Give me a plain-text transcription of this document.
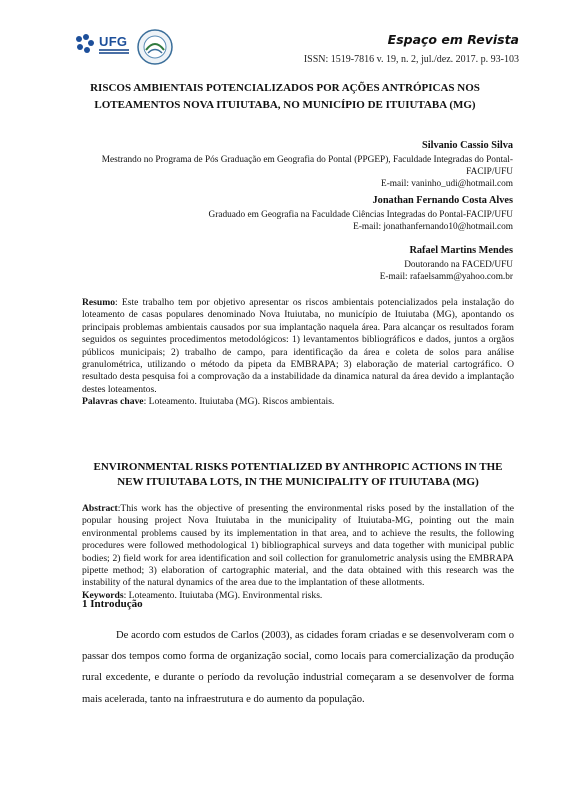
UFG	Espaço em Revista
ISSN: 1519-7816 v. 19, n. 2, jul./dez. 2017. p. 93-103
RISCOS AMBIENTAIS POTENCIALIZADOS POR AÇÕES ANTRÓPICAS NOS
LOTEAMENTOS NOVA ITUIUTABA, NO MUNICÍPIO DE ITUIUTABA (MG)
Silvanio Cassio Silva
Mestrando no Programa de Pós Graduação em Geografia do Pontal (PPGEP), Faculdade Integradas do Pontal-
FACIP/UFU
E-mail: vaninho_udi@hotmail.com
Jonathan Fernando Costa Alves
Graduado em Geografia na Faculdade Ciências Integradas do Pontal-FACIP/UFU
E-mail: jonathanfernando10@hotmail.com
Rafael Martins Mendes
Doutorando na FACED/UFU
E-mail: rafaelsamm@yahoo.com.br
Resumo: Este trabalho tem por objetivo apresentar os riscos ambientais potencializados pela instalação do loteamento de casas populares denominado Nova Ituiutaba, no município de Ituiutaba (MG), apontando os principais problemas ambientais causados por sua implantação naquela área. Para alcançar os resultados foram seguidos os seguintes procedimentos metodológicos: 1) levantamentos bibliográficos e dados, juntos a orgãos públicos municipais; 2) trabalho de campo, para identificação da área e coleta de solos para análise granulométrica, utilizando o método da pipeta da EMBRAPA; 3) elaboração de material cartográfico. O resultado desta pesquisa foi a comprovação da a instabilidade da dinamica natural da área devido a implantação destes loteamentos.
Palavras chave: Loteamento. Ituiutaba (MG). Riscos ambientais.
ENVIRONMENTAL RISKS POTENTIALIZED BY ANTHROPIC ACTIONS IN THE
NEW ITUIUTABA LOTS, IN THE MUNICIPALITY OF ITUIUTABA (MG)
Abstract:This work has the objective of presenting the environmental risks posed by the installation of the popular housing project Nova Ituiutaba in the municipality of Ituiutaba-MG, pointing out the main environmental problems caused by its implementation in that area, and to achieve the results, the following procedures were followed methodological 1) bibliographical surveys and data together with municipal public bodies; 2) field work for area identification and soil collection for granulometric analysis using the EMBRAPA pipette method; 3) elaboration of cartographic material, and the data obtained with this research was the instability of the natural dynamics of the area due to the implantation of these allotments.
Keywords: Loteamento. Ituiutaba (MG). Environmental risks.
1 Introdução
De acordo com estudos de Carlos (2003), as cidades foram criadas e se desenvolveram com o passar dos tempos como forma de organização social, como locais para comercialização da produção rural excedente, e durante o período da revolução industrial começaram a se desenvolver de forma mais acelerada, tanto na infraestrutura e do aumento da população.
